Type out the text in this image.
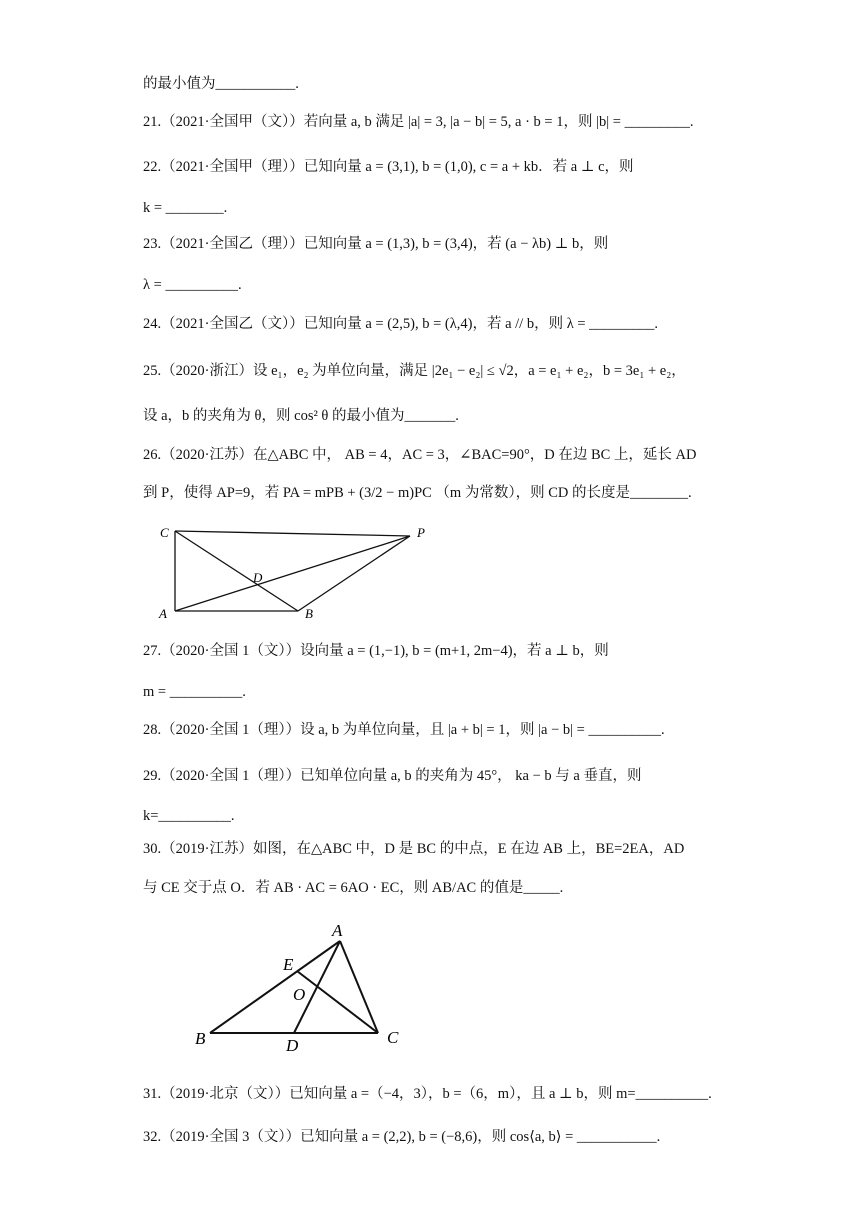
的最小值为___________.
21.（2021·全国甲（文））若向量 a, b 满足 |a| = 3, |a − b| = 5, a · b = 1，则 |b| = _________.
22.（2021·全国甲（理））已知向量 a = (3,1), b = (1,0), c = a + kb．若 a ⊥ c，则
k = ________.
23.（2021·全国乙（理））已知向量 a = (1,3), b = (3,4)，若 (a − λb) ⊥ b，则
λ = __________.
24.（2021·全国乙（文））已知向量 a = (2,5), b = (λ,4)，若 a // b，则 λ = _________.
25.（2020·浙江）设 e₁，e₂ 为单位向量，满足 |2e₁ − e₂| ≤ √2，a = e₁ + e₂，b = 3e₁ + e₂，
设 a，b 的夹角为 θ，则 cos² θ 的最小值为_______.
26.（2020·江苏）在△ABC 中， AB = 4，AC = 3，∠BAC=90°，D 在边 BC 上，延长 AD
到 P，使得 AP=9，若 PA = mPB + (3/2 − m)PC （m 为常数），则 CD 的长度是________.
C	P
D
A	B
27.（2020·全国 1（文））设向量 a = (1,−1), b = (m+1, 2m−4)，若 a ⊥ b，则
m = __________.
28.（2020·全国 1（理））设 a, b 为单位向量，且 |a + b| = 1，则 |a − b| = __________.
29.（2020·全国 1（理））已知单位向量 a, b 的夹角为 45°， ka − b 与 a 垂直，则
k=__________.
30.（2019·江苏）如图，在△ABC 中，D 是 BC 的中点，E 在边 AB 上，BE=2EA，AD
与 CE 交于点 O．若 AB · AC = 6AO · EC，则 AB/AC 的值是_____.
A
E
O
B	D	C
31.（2019·北京（文））已知向量 a =（−4，3），b =（6，m），且 a ⊥ b，则 m=__________.
32.（2019·全国 3（文））已知向量 a = (2,2), b = (−8,6)，则 cos⟨a, b⟩ = ___________.
